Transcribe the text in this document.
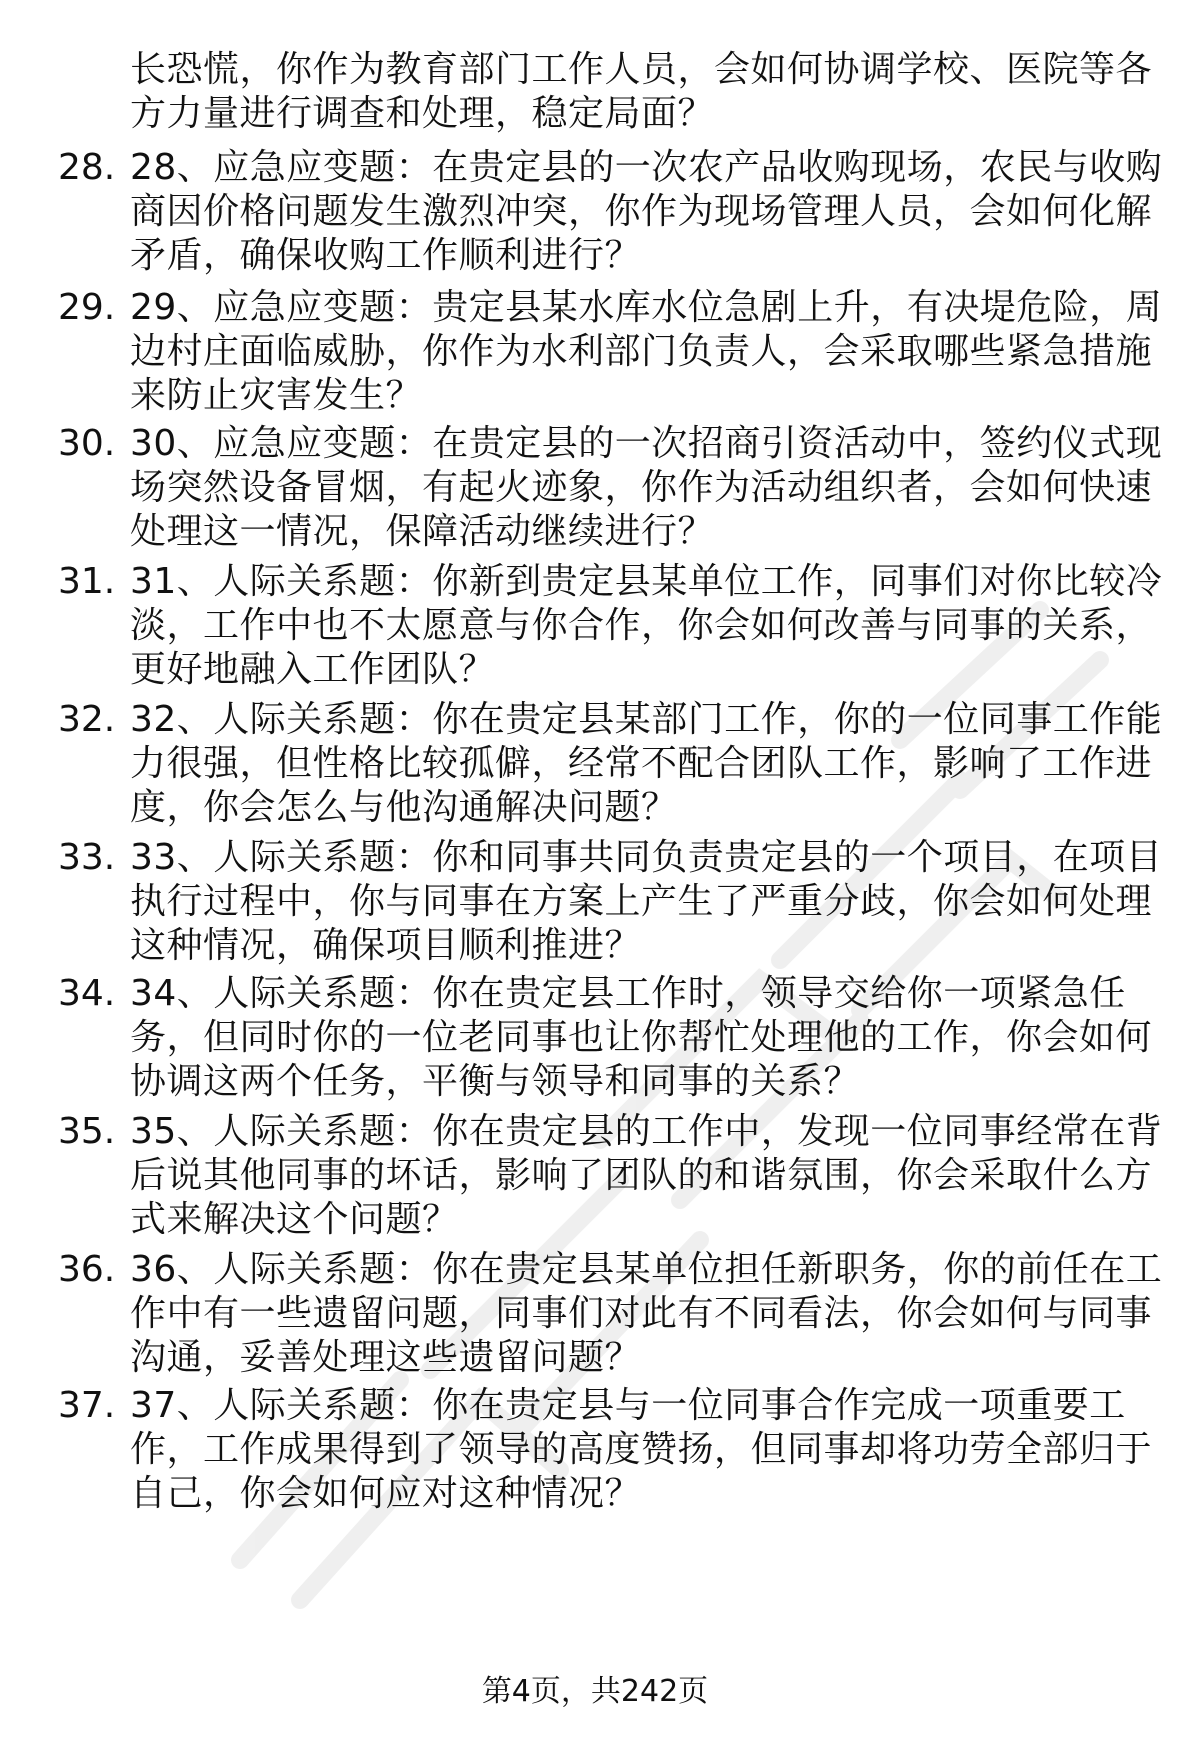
长恐慌，你作为教育部门工作人员，会如何协调学校、医院等各
方力量进行调查和处理，稳定局面？
28. 28、应急应变题：在贵定县的一次农产品收购现场，农民与收购
商因价格问题发生激烈冲突，你作为现场管理人员，会如何化解
矛盾，确保收购工作顺利进行？
29. 29、应急应变题：贵定县某水库水位急剧上升，有决堤危险，周
边村庄面临威胁，你作为水利部门负责人，会采取哪些紧急措施
来防止灾害发生？
30. 30、应急应变题：在贵定县的一次招商引资活动中，签约仪式现
场突然设备冒烟，有起火迹象，你作为活动组织者，会如何快速
处理这一情况，保障活动继续进行？
31. 31、人际关系题：你新到贵定县某单位工作，同事们对你比较冷
淡，工作中也不太愿意与你合作，你会如何改善与同事的关系，
更好地融入工作团队？
32. 32、人际关系题：你在贵定县某部门工作，你的一位同事工作能
力很强，但性格比较孤僻，经常不配合团队工作，影响了工作进
度，你会怎么与他沟通解决问题？
33. 33、人际关系题：你和同事共同负责贵定县的一个项目，在项目
执行过程中，你与同事在方案上产生了严重分歧，你会如何处理
这种情况，确保项目顺利推进？
34. 34、人际关系题：你在贵定县工作时，领导交给你一项紧急任
务，但同时你的一位老同事也让你帮忙处理他的工作，你会如何
协调这两个任务，平衡与领导和同事的关系？
35. 35、人际关系题：你在贵定县的工作中，发现一位同事经常在背
后说其他同事的坏话，影响了团队的和谐氛围，你会采取什么方
式来解决这个问题？
36. 36、人际关系题：你在贵定县某单位担任新职务，你的前任在工
作中有一些遗留问题，同事们对此有不同看法，你会如何与同事
沟通，妥善处理这些遗留问题？
37. 37、人际关系题：你在贵定县与一位同事合作完成一项重要工
作，工作成果得到了领导的高度赞扬，但同事却将功劳全部归于
自己，你会如何应对这种情况？
第4页，共242页
